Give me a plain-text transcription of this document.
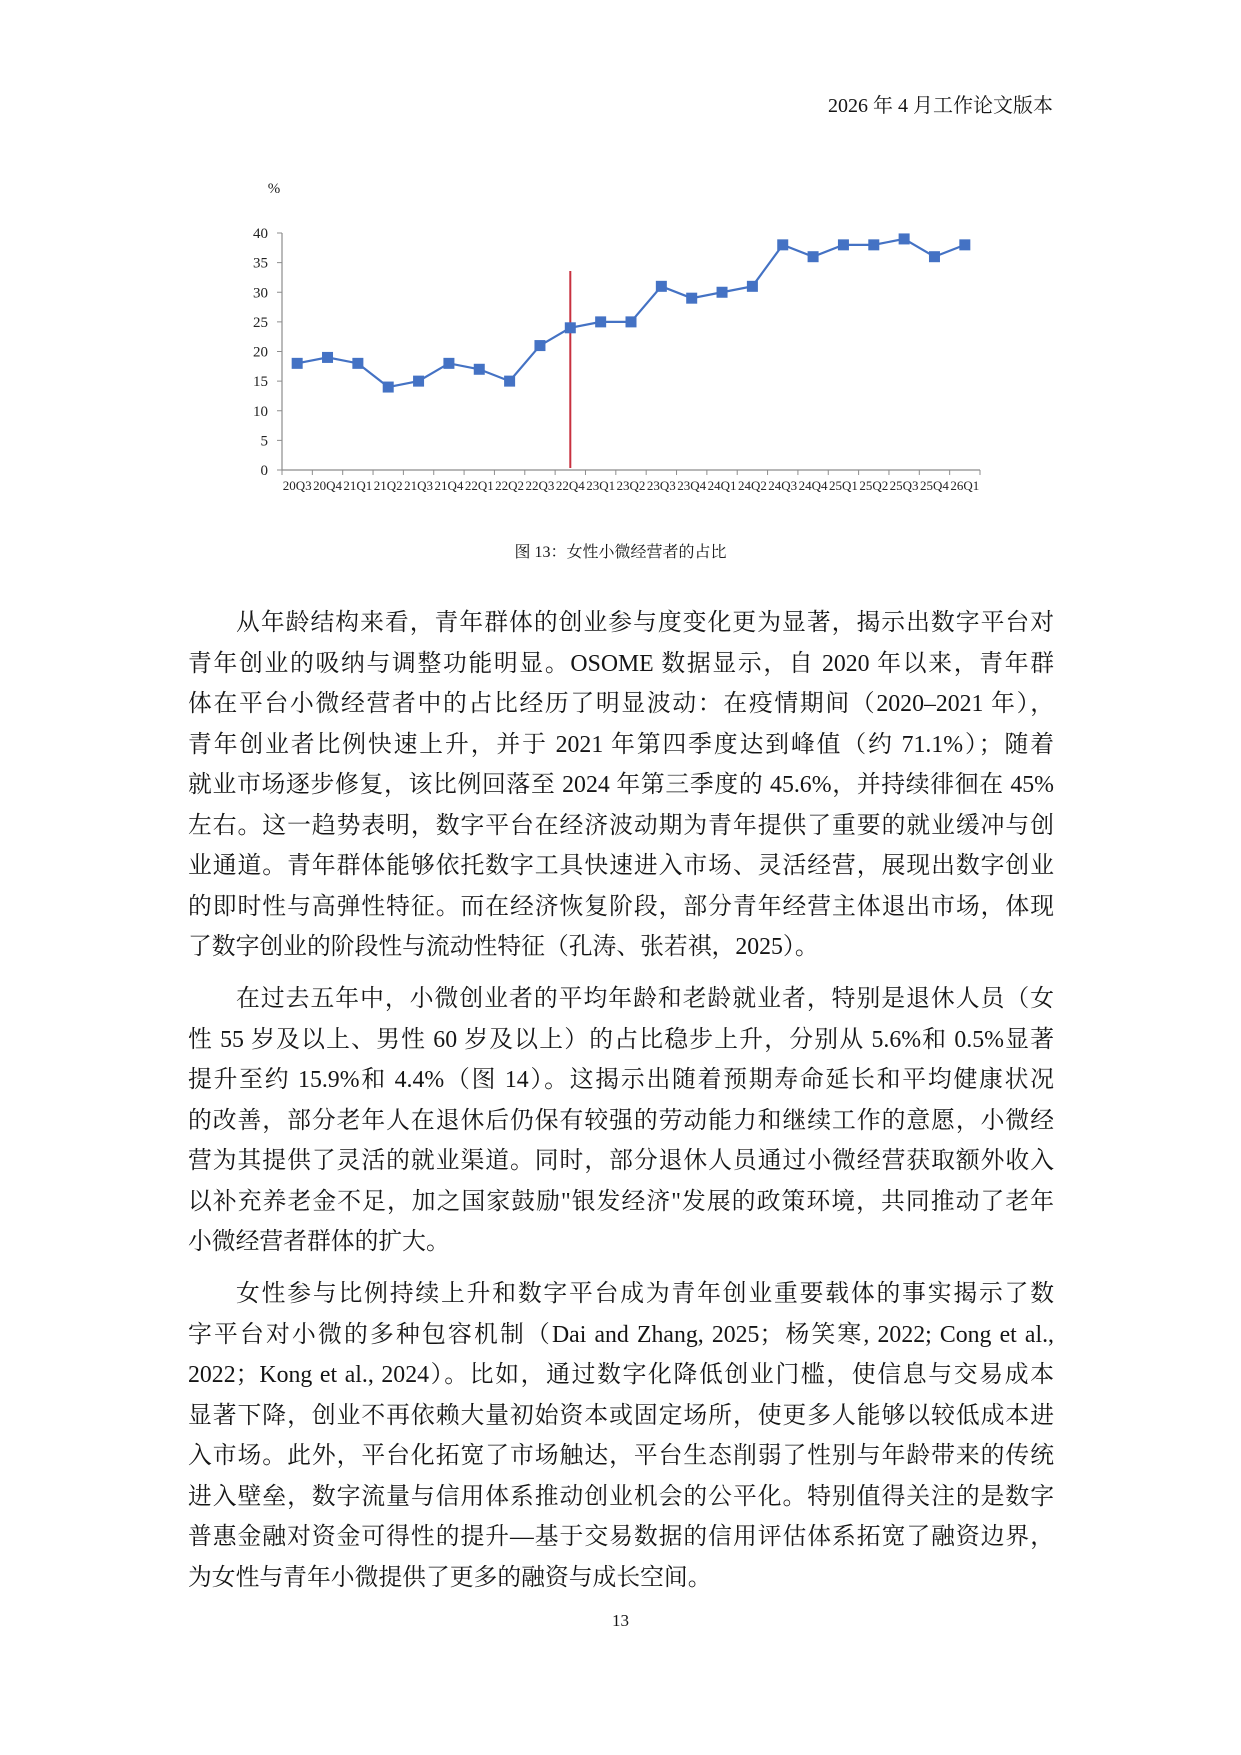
2026 年 4 月工作论文版本
%
0
5
10
15
20
25
30
35
40
20Q3 20Q4 21Q1 21Q2 21Q3 21Q4 22Q1 22Q2 22Q3 22Q4 23Q1 23Q2 23Q3 23Q4 24Q1 24Q2 24Q3 24Q4 25Q1 25Q2 25Q3 25Q4 26Q1
图 13：女性小微经营者的占比
从年龄结构来看，青年群体的创业参与度变化更为显著，揭示出数字平台对
青年创业的吸纳与调整功能明显。OSOME 数据显示，自 2020 年以来，青年群
体在平台小微经营者中的占比经历了明显波动：在疫情期间（2020–2021 年），
青年创业者比例快速上升，并于 2021 年第四季度达到峰值（约 71.1%）；随着
就业市场逐步修复，该比例回落至 2024 年第三季度的 45.6%，并持续徘徊在 45%
左右。这一趋势表明，数字平台在经济波动期为青年提供了重要的就业缓冲与创
业通道。青年群体能够依托数字工具快速进入市场、灵活经营，展现出数字创业
的即时性与高弹性特征。而在经济恢复阶段，部分青年经营主体退出市场，体现
了数字创业的阶段性与流动性特征（孔涛、张若祺，2025）。
在过去五年中，小微创业者的平均年龄和老龄就业者，特别是退休人员（女
性 55 岁及以上、男性 60 岁及以上）的占比稳步上升，分别从 5.6%和 0.5%显著
提升至约 15.9%和 4.4%（图 14）。这揭示出随着预期寿命延长和平均健康状况
的改善，部分老年人在退休后仍保有较强的劳动能力和继续工作的意愿，小微经
营为其提供了灵活的就业渠道。同时，部分退休人员通过小微经营获取额外收入
以补充养老金不足，加之国家鼓励"银发经济"发展的政策环境，共同推动了老年
小微经营者群体的扩大。
女性参与比例持续上升和数字平台成为青年创业重要载体的事实揭示了数
字平台对小微的多种包容机制（Dai and Zhang, 2025；杨笑寒, 2022; Cong et al.,
2022；Kong et al., 2024）。比如，通过数字化降低创业门槛，使信息与交易成本
显著下降，创业不再依赖大量初始资本或固定场所，使更多人能够以较低成本进
入市场。此外，平台化拓宽了市场触达，平台生态削弱了性别与年龄带来的传统
进入壁垒，数字流量与信用体系推动创业机会的公平化。特别值得关注的是数字
普惠金融对资金可得性的提升—基于交易数据的信用评估体系拓宽了融资边界，
为女性与青年小微提供了更多的融资与成长空间。
13
